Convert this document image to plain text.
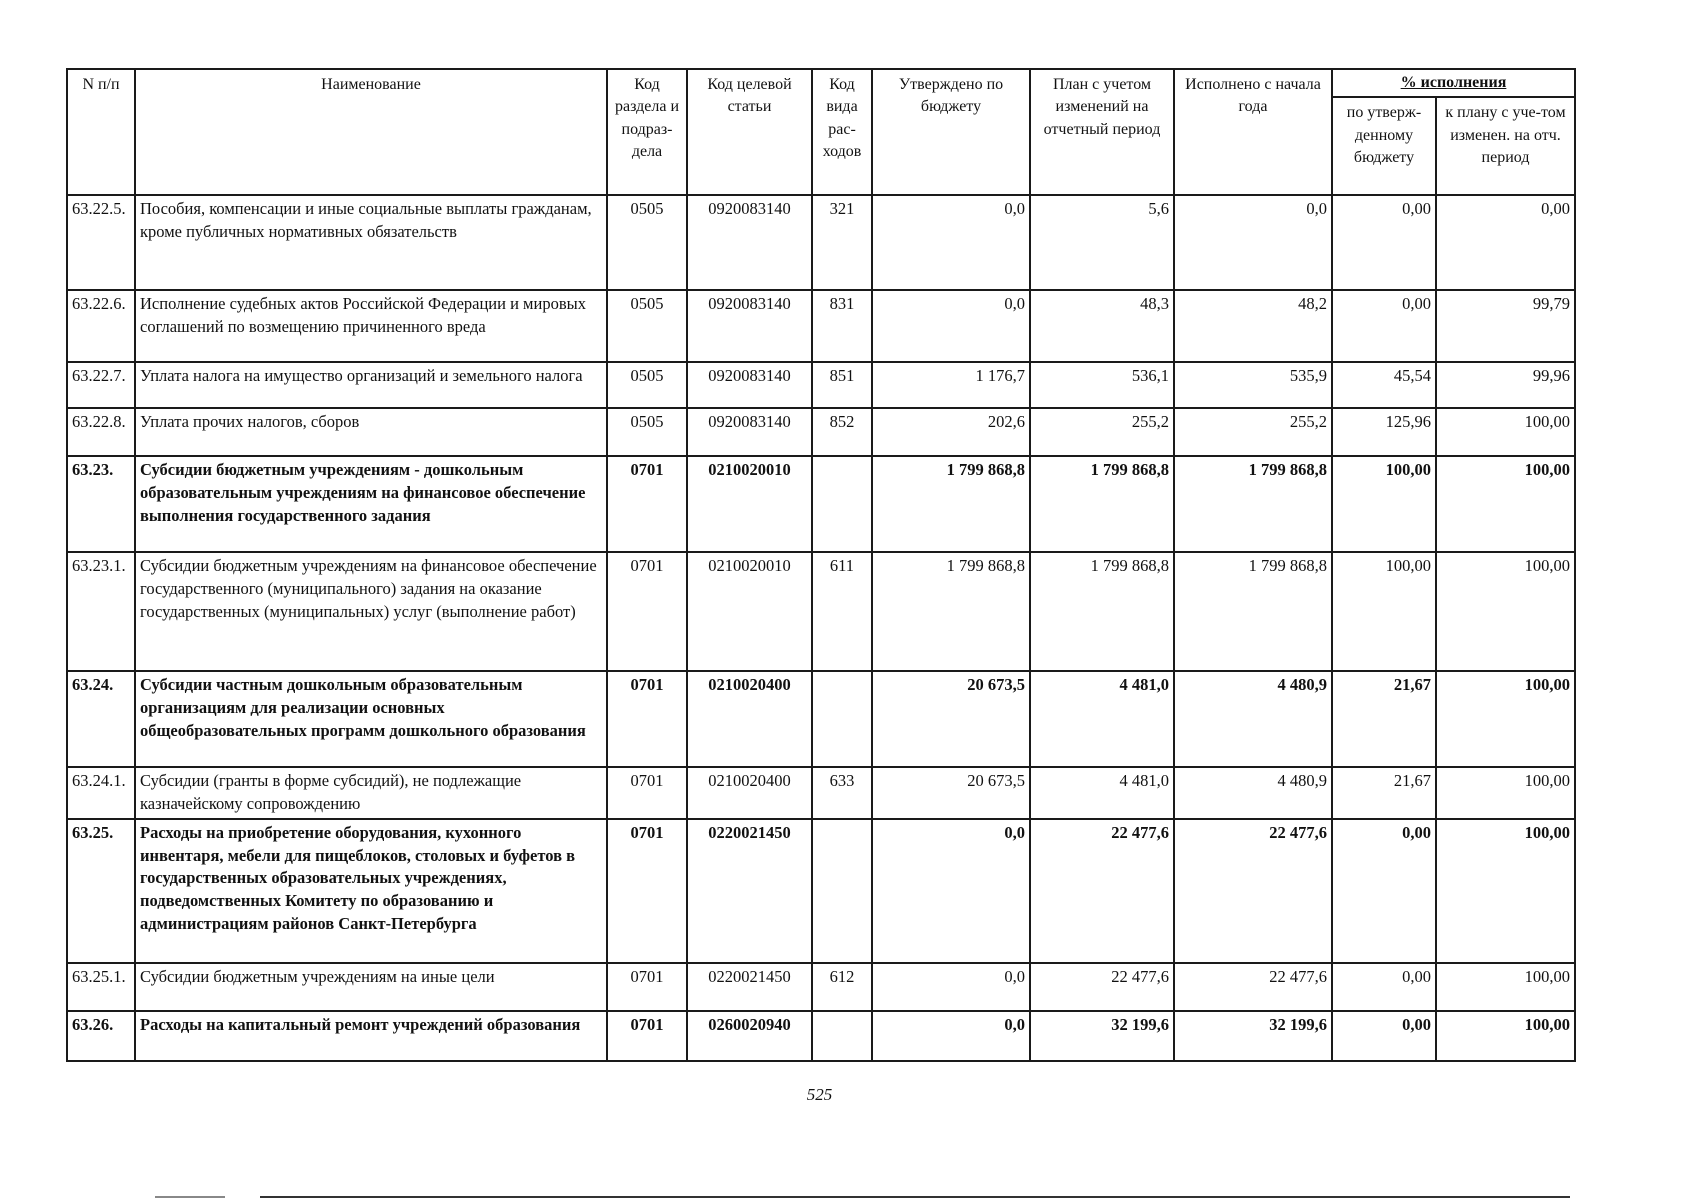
N п/п	Наименование	Код раздела и подраз-дела	Код целевой статьи	Код вида рас-ходов	Утверждено по бюджету	План с учетом изменений на отчетный период	Исполнено с начала года	% исполнения	
								по утверж-денному бюджету	к плану с уче-том изменен. на отч. период
63.22.5.	Пособия, компенсации и иные социальные выплаты гражданам, кроме публичных нормативных обязательств	0505	0920083140	321	0,0	5,6	0,0	0,00	0,00
63.22.6.	Исполнение судебных актов Российской Федерации и мировых соглашений по возмещению причиненного вреда	0505	0920083140	831	0,0	48,3	48,2	0,00	99,79
63.22.7.	Уплата налога на имущество организаций и земельного налога	0505	0920083140	851	1 176,7	536,1	535,9	45,54	99,96
63.22.8.	Уплата прочих налогов, сборов	0505	0920083140	852	202,6	255,2	255,2	125,96	100,00
63.23.	Субсидии бюджетным учреждениям - дошкольным образовательным учреждениям на финансовое обеспечение выполнения государственного задания	0701	0210020010		1 799 868,8	1 799 868,8	1 799 868,8	100,00	100,00
63.23.1.	Субсидии бюджетным учреждениям на финансовое обеспечение государственного (муниципального) задания на оказание государственных (муниципальных) услуг (выполнение работ)	0701	0210020010	611	1 799 868,8	1 799 868,8	1 799 868,8	100,00	100,00
63.24.	Субсидии частным дошкольным образовательным организациям для реализации основных общеобразовательных программ дошкольного образования	0701	0210020400		20 673,5	4 481,0	4 480,9	21,67	100,00
63.24.1.	Субсидии (гранты в форме субсидий), не подлежащие казначейскому сопровождению	0701	0210020400	633	20 673,5	4 481,0	4 480,9	21,67	100,00
63.25.	Расходы на приобретение оборудования, кухонного инвентаря, мебели для пищеблоков, столовых и буфетов в государственных образовательных учреждениях, подведомственных Комитету по образованию и администрациям районов Санкт-Петербурга	0701	0220021450		0,0	22 477,6	22 477,6	0,00	100,00
63.25.1.	Субсидии бюджетным учреждениям на иные цели	0701	0220021450	612	0,0	22 477,6	22 477,6	0,00	100,00
63.26.	Расходы на капитальный ремонт учреждений образования	0701	0260020940		0,0	32 199,6	32 199,6	0,00	100,00
525
